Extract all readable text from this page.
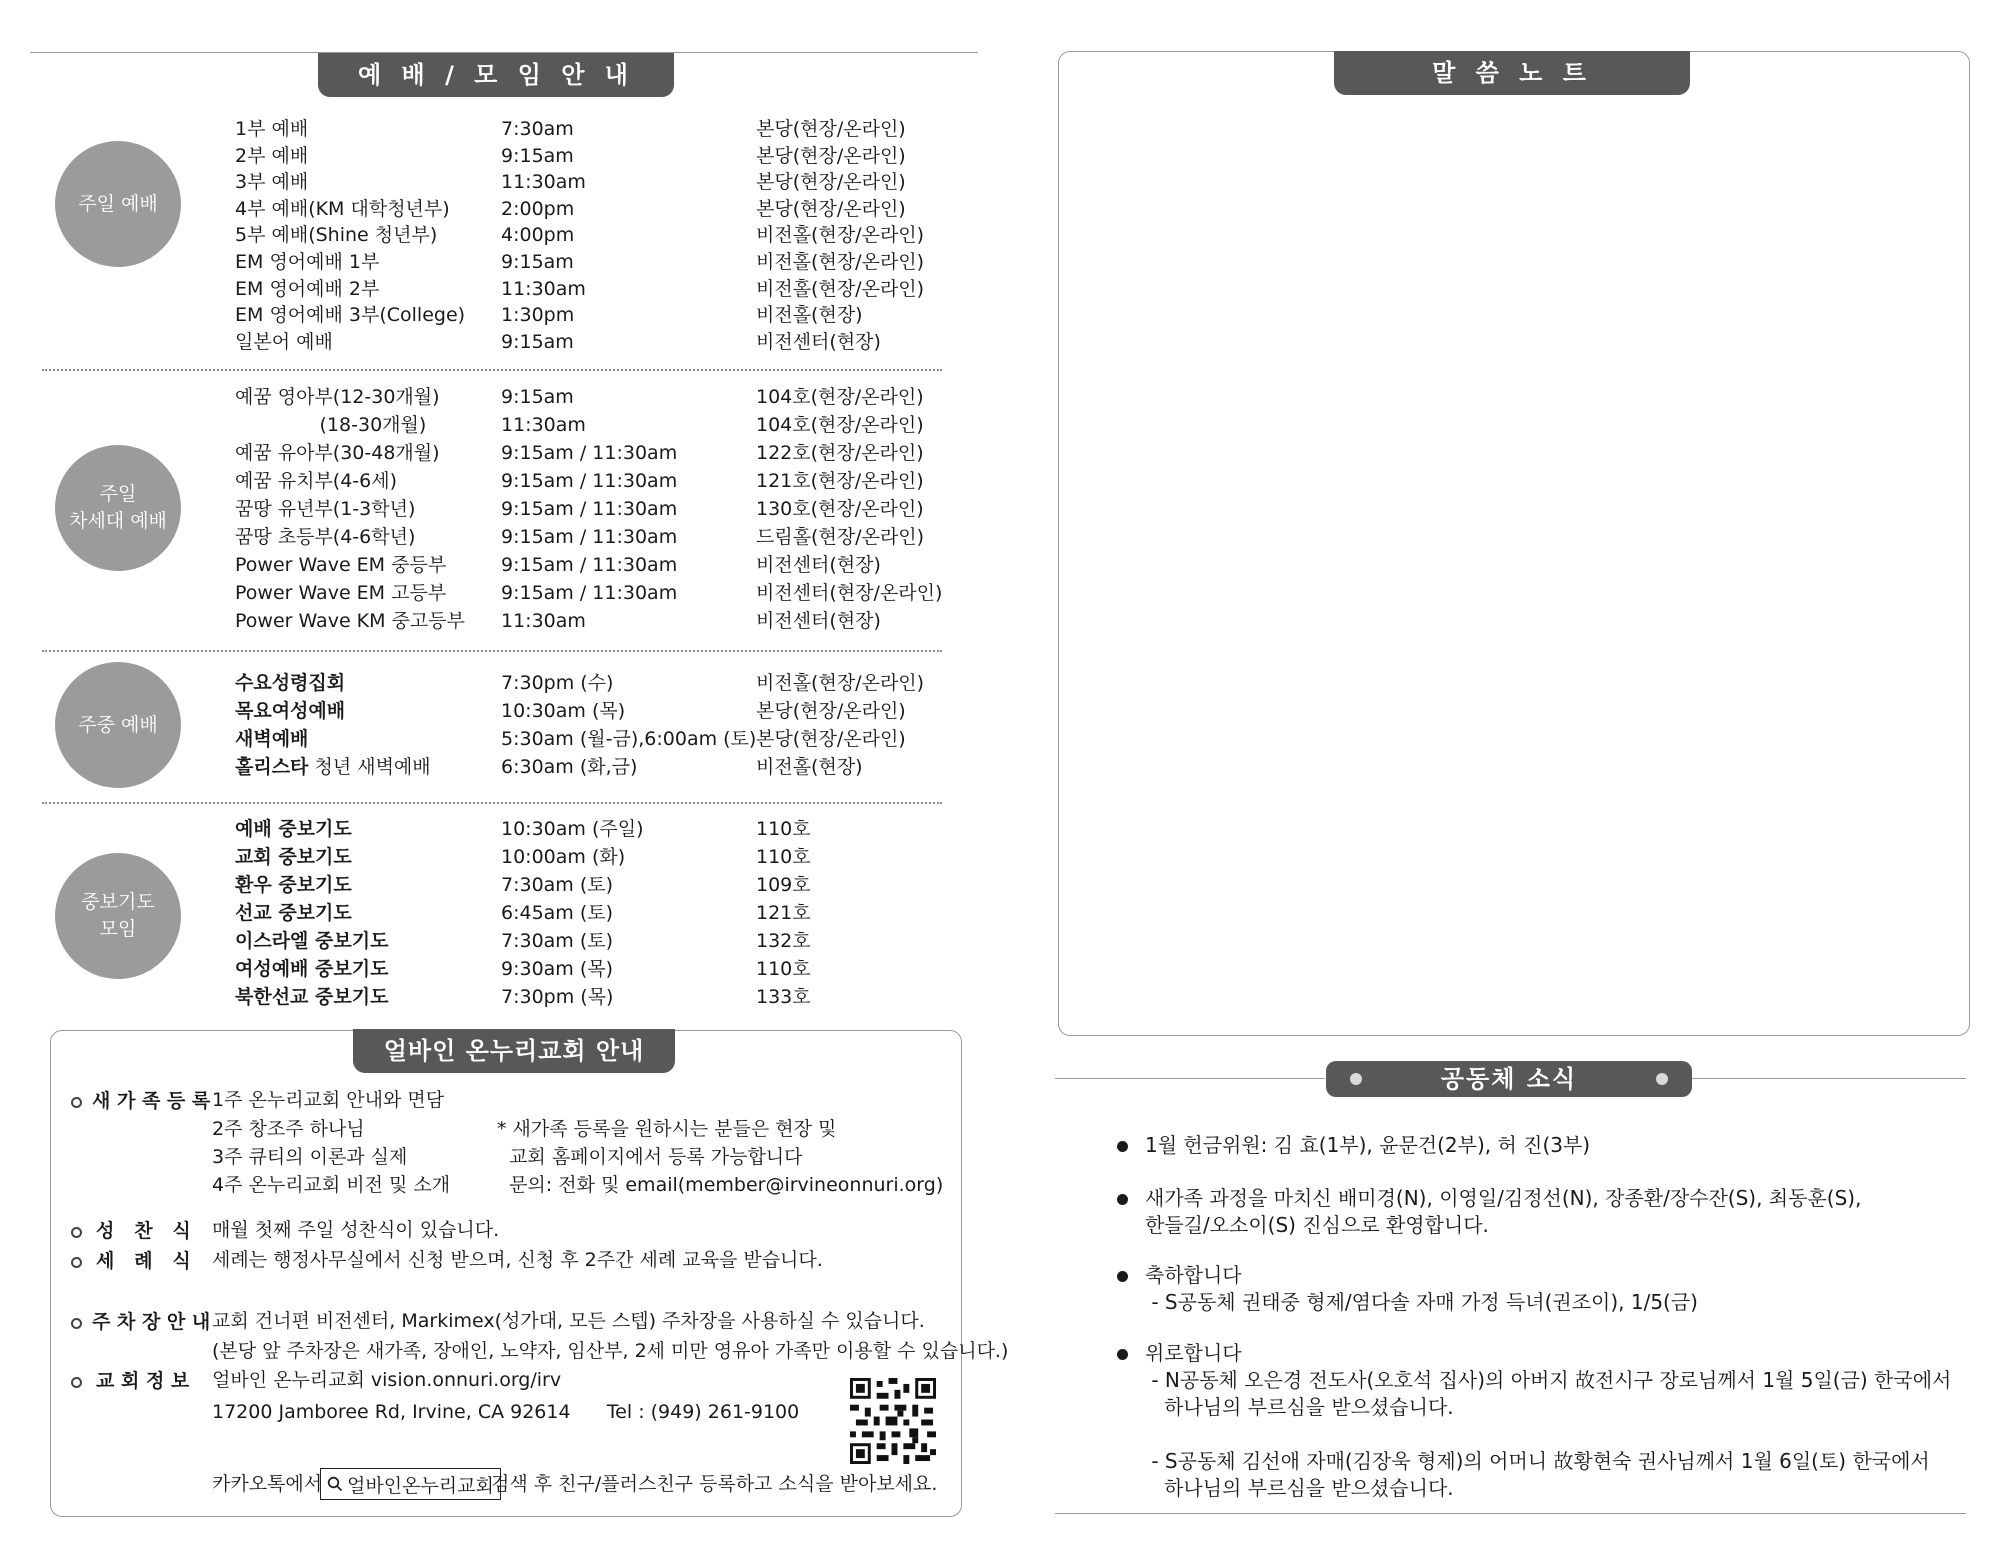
예 배 / 모 임 안 내
주일 예배
1부 예배	7:30am	본당(현장/온라인)
2부 예배	9:15am	본당(현장/온라인)
3부 예배	11:30am	본당(현장/온라인)
4부 예배(KM 대학청년부)	2:00pm	본당(현장/온라인)
5부 예배(Shine 청년부)	4:00pm	비전홀(현장/온라인)
EM 영어예배 1부	9:15am	비전홀(현장/온라인)
EM 영어예배 2부	11:30am	비전홀(현장/온라인)
EM 영어예배 3부(College) 1:30pm	비전홀(현장)
일본어 예배	9:15am	비전센터(현장)
주일
차세대 예배
예꿈 영아부(12-30개월)	9:15am	104호(현장/온라인)
(18-30개월)	11:30am	104호(현장/온라인)
예꿈 유아부(30-48개월)	9:15am / 11:30am	122호(현장/온라인)
예꿈 유치부(4-6세)	9:15am / 11:30am	121호(현장/온라인)
꿈땅 유년부(1-3학년)	9:15am / 11:30am	130호(현장/온라인)
꿈땅 초등부(4-6학년)	9:15am / 11:30am	드림홀(현장/온라인)
Power Wave EM 중등부	9:15am / 11:30am	비전센터(현장)
Power Wave EM 고등부	9:15am / 11:30am	비전센터(현장/온라인)
Power Wave KM 중고등부 11:30am	비전센터(현장)
주중 예배
수요성령집회	7:30pm (수)	비전홀(현장/온라인)
목요여성예배	10:30am (목)	본당(현장/온라인)
새벽예배	5:30am (월-금),6:00am (토) 본당(현장/온라인)
홀리스타 청년 새벽예배	6:30am (화,금)	비전홀(현장)
중보기도
모임
예배 중보기도	10:30am (주일)	110호
교회 중보기도	10:00am (화)	110호
환우 중보기도	7:30am (토)	109호
선교 중보기도	6:45am (토)	121호
이스라엘 중보기도	7:30am (토)	132호
여성예배 중보기도	9:30am (목)	110호
북한선교 중보기도	7:30pm (목)	133호
얼바인 온누리교회 안내
새 가 족 등 록 1주 온누리교회 안내와 면담
2주 창조주 하나님
3주 큐티의 이론과 실제
4주 온누리교회 비전 및 소개
* 새가족 등록을 원하시는 분들은 현장 및
교회 홈페이지에서 등록 가능합니다
문의: 전화 및 email(member@irvineonnuri.org)
성   찬   식 매월 첫째 주일 성찬식이 있습니다.
세   례   식 세례는 행정사무실에서 신청 받으며, 신청 후 2주간 세례 교육을 받습니다.
주 차 장 안 내 교회 건너편 비전센터, Markimex(성가대, 모든 스텝) 주차장을 사용하실 수 있습니다.
(본당 앞 주차장은 새가족, 장애인, 노약자, 임산부, 2세 미만 영유아 가족만 이용할 수 있습니다.)
교 회 정 보 얼바인 온누리교회 vision.onnuri.org/irv
17200 Jamboree Rd, Irvine, CA 92614      Tel : (949) 261-9100
카카오톡에서 얼바인온누리교회
검색 후 친구/플러스친구 등록하고 소식을 받아보세요.
말 씀 노 트
공동체 소식
1월 헌금위원: 김 효(1부), 윤문건(2부), 허 진(3부)
새가족 과정을 마치신 배미경(N), 이영일/김정선(N), 장종환/장수잔(S), 최동훈(S),
한들길/오소이(S) 진심으로 환영합니다.
축하합니다
- S공동체 권태중 형제/염다솔 자매 가정 득녀(권조이), 1/5(금)
위로합니다
- N공동체 오은경 전도사(오호석 집사)의 아버지 故전시구 장로님께서 1월 5일(금) 한국에서
하나님의 부르심을 받으셨습니다.
- S공동체 김선애 자매(김장욱 형제)의 어머니 故황현숙 권사님께서 1월 6일(토) 한국에서
하나님의 부르심을 받으셨습니다.
